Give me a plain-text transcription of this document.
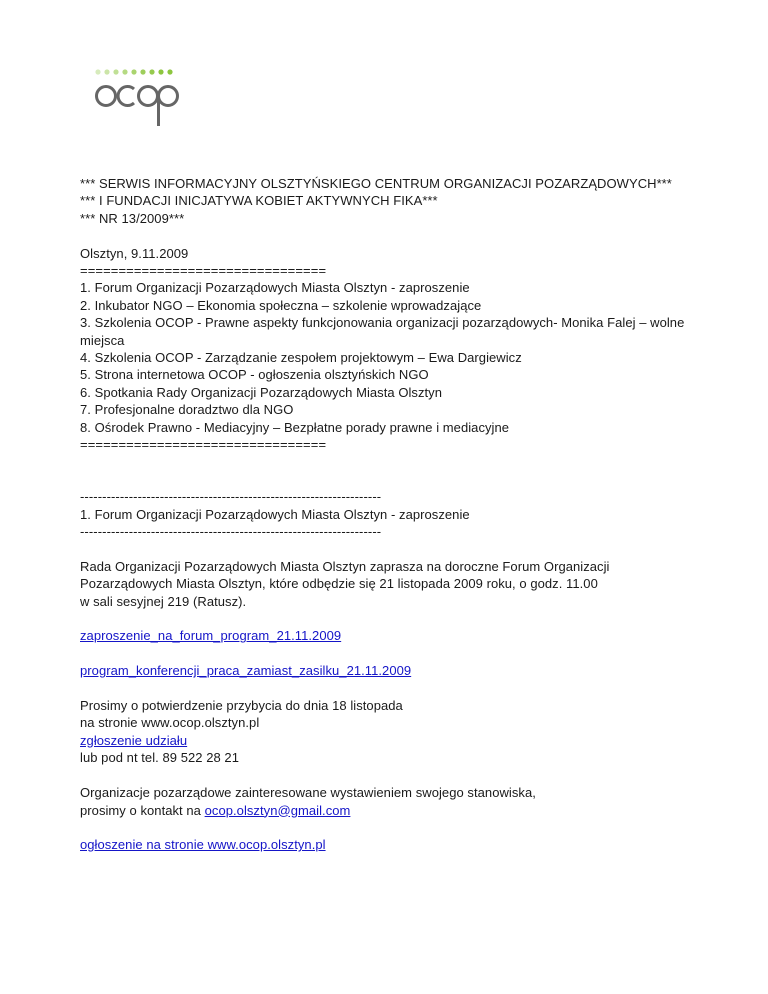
*** SERWIS INFORMACYJNY OLSZTYŃSKIEGO CENTRUM ORGANIZACJI POZARZĄDOWYCH***
*** I FUNDACJI INICJATYWA KOBIET AKTYWNYCH FIKA***
*** NR 13/2009***
Olsztyn, 9.11.2009
================================
1. Forum Organizacji Pozarządowych Miasta Olsztyn - zaproszenie
2. Inkubator NGO – Ekonomia społeczna – szkolenie wprowadzające
3. Szkolenia OCOP - Prawne aspekty funkcjonowania organizacji pozarządowych- Monika Falej – wolne miejsca
4. Szkolenia OCOP - Zarządzanie zespołem projektowym – Ewa Dargiewicz
5. Strona internetowa OCOP - ogłoszenia olsztyńskich NGO
6. Spotkania Rady Organizacji Pozarządowych Miasta Olsztyn
7. Profesjonalne doradztwo dla NGO
8. Ośrodek Prawno - Mediacyjny – Bezpłatne porady prawne i mediacyjne
================================
--------------------------------------------------------------------
1. Forum Organizacji Pozarządowych Miasta Olsztyn - zaproszenie
--------------------------------------------------------------------
Rada Organizacji Pozarządowych Miasta Olsztyn zaprasza na doroczne Forum Organizacji
Pozarządowych Miasta Olsztyn, które odbędzie się 21 listopada 2009 roku, o godz. 11.00
w sali sesyjnej 219 (Ratusz).
zaproszenie_na_forum_program_21.11.2009
program_konferencji_praca_zamiast_zasilku_21.11.2009
Prosimy o potwierdzenie przybycia do dnia 18 listopada
na stronie www.ocop.olsztyn.pl
zgłoszenie udziału
lub pod nt tel. 89 522 28 21
Organizacje pozarządowe zainteresowane wystawieniem swojego stanowiska,
prosimy o kontakt na ocop.olsztyn@gmail.com
ogłoszenie na stronie www.ocop.olsztyn.pl
